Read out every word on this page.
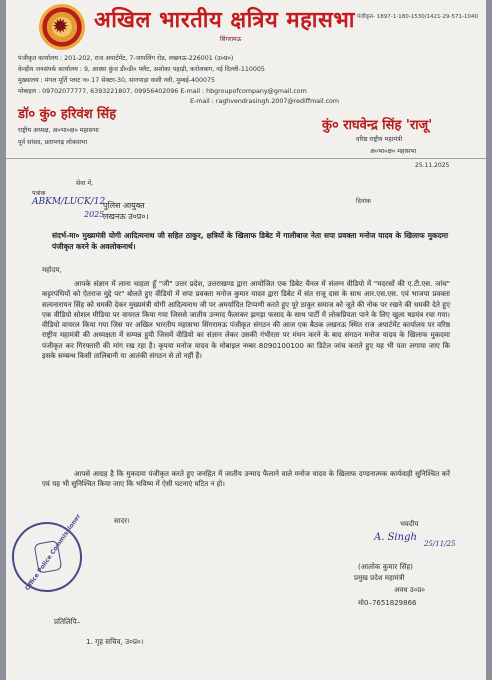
✹	पंजीकृत- 1897-1-180-1530/1421-29-571-1040
अखिल भारतीय क्षत्रिय महासभा
सिंगरामऊ
पंजीकृत कार्यालय : 201-202, राज अपार्टमेंट, 7-जापलिंग रोड, लखनऊ-226001 (उ०प्र०)
केन्द्रीय जनसंपर्क कार्यालय : 9, आस्था कुंज डी०डी० फ्लैट, अशोका पहाड़ी, करोलबाग, नई दिल्ली-110005
मुख्यालय : मंगल मूर्ति प्लाट न० 17 सेक्टर-30, सानपाड़ा वाशी नवी, मुम्बई-400075
मोबाइल : 09702077777, 6393221807, 09956402096 E-mail : hbgroupofcompany@gmail.com
E-mail : raghvendrasingh.2007@rediffmail.com
डॉ० कुं० हरिवंश सिंह
राष्ट्रीय अध्यक्ष, अ०भा०क्ष० महासभा
पूर्व सांसद, प्रतापगढ़ लोकसभा
कुं० राघवेन्द्र सिंह 'राजू'
वरिष्ठ राष्ट्रीय महामंत्री
अ०भा०क्ष० महासभा
25.11.2025
सेवा में,
पत्रांक
ABKM/LUCK/12
2025
दिनांक
पुलिस आयुक्त
लखनऊ उ०प्र०।
संदर्भ-मा० मुख्यमंत्री योगी आदित्यनाथ जी सहित ठाकुर, क्षत्रियों के खिलाफ डिबेट में गालीबाज नेता सपा प्रवक्ता मनोज यादव के खिलाफ मुकदमा पंजीकृत करने के अवलोकनार्थ।
महोदय,
आपके संज्ञान में लाना चाहता हूँ "जी" उत्तर प्रदेश, उत्तराखण्ड द्वारा आयोजित एक डिबेट चैनल में संलग्न वीडियो में "मदरसों की ए.टी.एस. जांच" कट्टरपंथियों को ऐतराज मुद्दे पर" बोलते हुए वीडियो में सपा प्रवक्ता मनोज कुमार यादव द्वारा डिबेट में संत राजू दास के साथ आर.एस.एस. एवं भाजपा प्रवक्ता सत्यनारायन सिंह को धमकी देकर मुख्यमंत्री योगी आदित्यनाथ जी पर अमर्यादित टिप्पणी करते हुए पूरे ठाकुर समाज को जूते की नोक पर रखने की धमकी देते हुए एक वीडियो सोशल मीडिया पर वायरल किया गया जिससे जातीय उन्माद फैलाकर झगड़ा फसाद के साथ पार्टी में लोकप्रियता पाने के लिए खुला षडयंत्र रचा गया। वीडियो वायरल किया गया जिस पर अखिल भारतीय महासभा सिंगरामऊ पंजीकृत संगठन की आज एक बैठक लखनऊ स्थित राज अपार्टमेंट कार्यालय पर वरिष्ठ राष्ट्रीय महामंत्री की अध्यक्षता में सम्पन्न हुयी जिसमें वीडियो का संज्ञान लेकर उसकी गंभीरता पर मंथन करने के बाद संगठन मनोज यादव के खिलाफ मुकदमा पंजीकृत कर गिरफ्तारी की मांग रख रहा है। कृपया मनोज यादव के मोबाइल नम्बर 8090100100 का डिटेल जांच कराते हुए यह भी पता लगाया जाए कि इसके सम्बन्ध किसी तालिबानी या आतंकी संगठन से तो नहीं हैं।
आपसे आग्रह है कि मुकदमा पंजीकृत करते हुए जनहित में जातीय उन्माद फैलाने वाले मनोज यादव के खिलाफ दण्डनात्मक कार्यवाही सुनिश्चित करें एवं यह भी सुनिश्चित किया जाए कि भविष्य में ऐसी घटनाएं घटित न हो।
सादर।	भवदीय
A. Singh
25/11/25
(आलोक कुमार सिंह)
प्रमुख प्रदेश महामंत्री
अवध उ०प्र०
मो0–7651829866
Office Police Commissioner
प्रतिलिपि–
1. गृह सचिव, उ०प्र०।
